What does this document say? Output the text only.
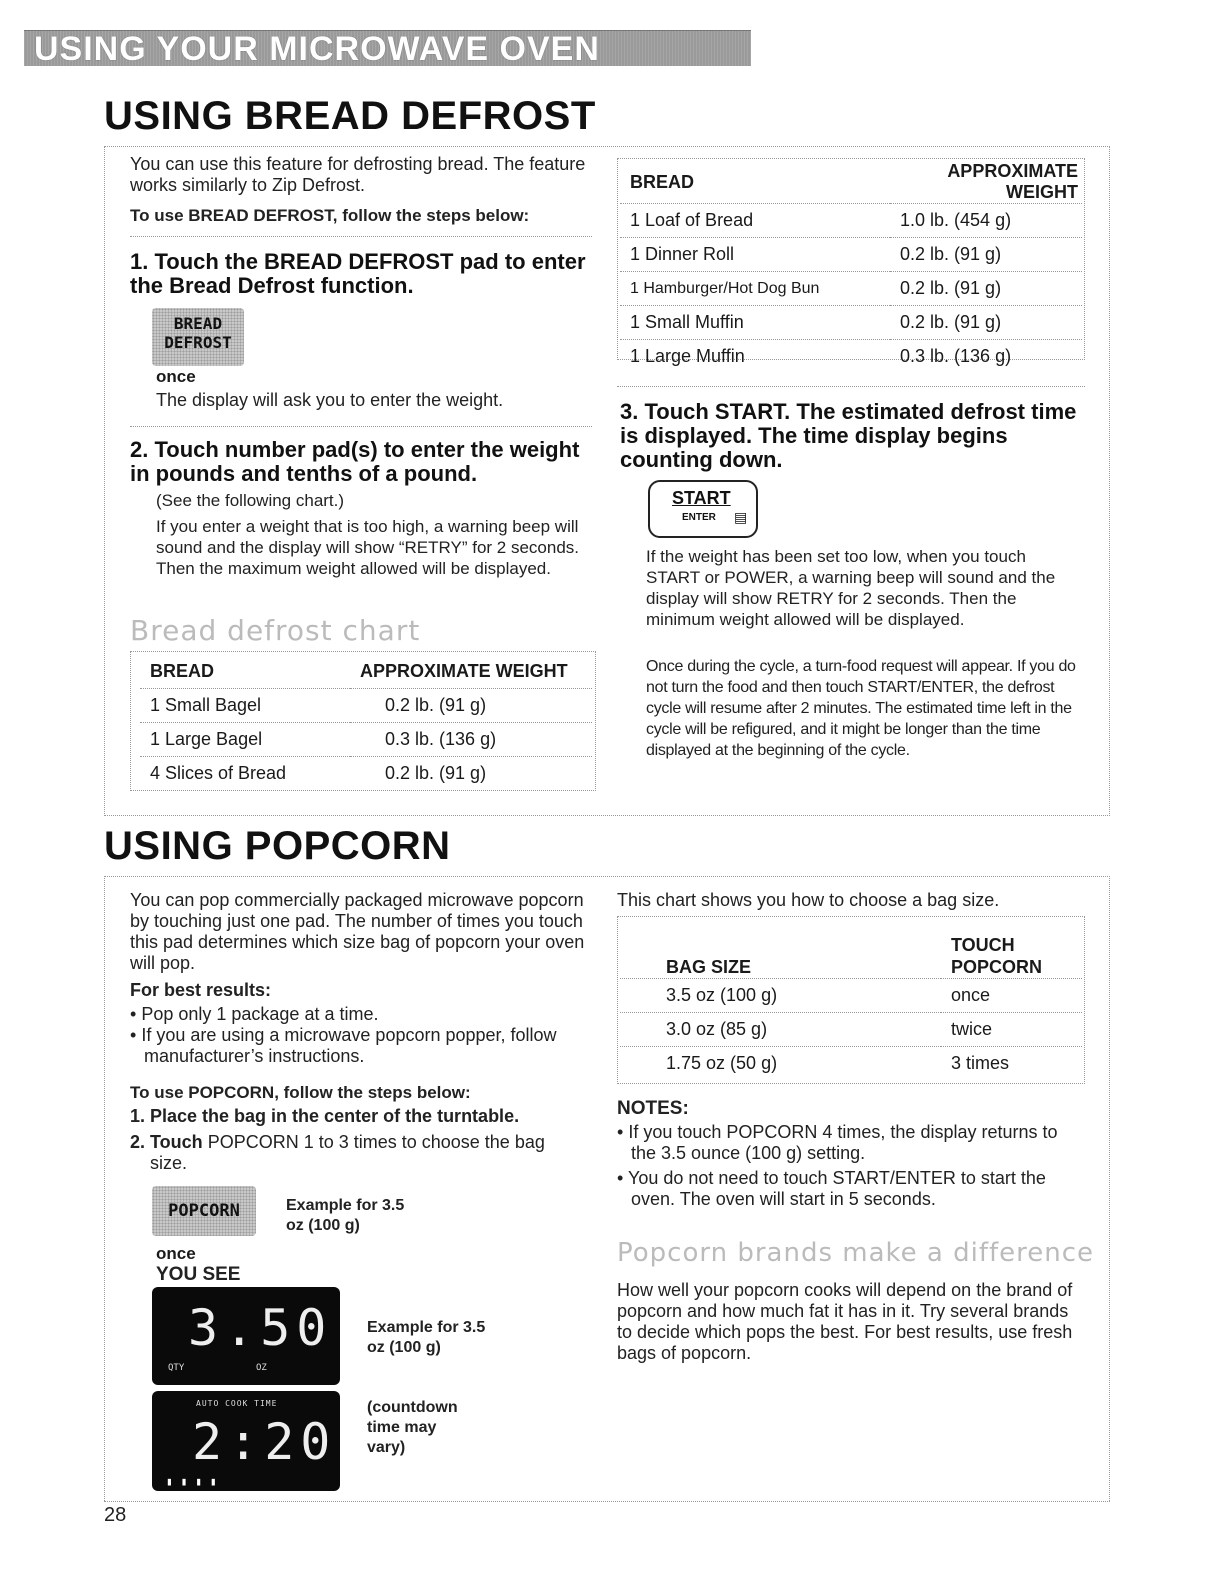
USING YOUR MICROWAVE OVEN
USING BREAD DEFROST
You can use this feature for defrosting bread. The feature works similarly to Zip Defrost.
To use BREAD DEFROST, follow the steps below:
1. Touch the BREAD DEFROST pad to enter the Bread Defrost function.
BREAD
DEFROST
once
The display will ask you to enter the weight.
2. Touch number pad(s) to enter the weight in pounds and tenths of a pound.
(See the following chart.)
If you enter a weight that is too high, a warning beep will sound and the display will show “RETRY” for 2 seconds. Then the maximum weight allowed will be displayed.
Bread defrost chart
BREAD	APPROXIMATE WEIGHT
1 Small Bagel	0.2 lb. (91 g)
1 Large Bagel	0.3 lb. (136 g)
4 Slices of Bread	0.2 lb. (91 g)
BREAD	APPROXIMATE WEIGHT
1 Loaf of Bread	1.0 lb. (454 g)
1 Dinner Roll	0.2 lb. (91 g)
1 Hamburger/Hot Dog Bun	0.2 lb. (91 g)
1 Small Muffin	0.2 lb. (91 g)
1 Large Muffin	0.3 lb. (136 g)
3. Touch START. The estimated defrost time is displayed. The time display begins counting down.
START
ENTER ▤
If the weight has been set too low, when you touch START or POWER, a warning beep will sound and the display will show RETRY for 2 seconds. Then the minimum weight allowed will be displayed.
Once during the cycle, a turn-food request will appear. If you do not turn the food and then touch START/ENTER, the defrost cycle will resume after 2 minutes. The estimated time left in the cycle will be refigured, and it might be longer than the time displayed at the beginning of the cycle.
USING POPCORN
You can pop commercially packaged microwave popcorn by touching just one pad. The number of times you touch this pad determines which size bag of popcorn your oven will pop.
For best results:
• Pop only 1 package at a time.
• If you are using a microwave popcorn popper, follow manufacturer’s instructions.
To use POPCORN, follow the steps below:
1. Place the bag in the center of the turntable.
2. Touch POPCORN 1 to 3 times to choose the bag size.
POPCORN	Example for 3.5 oz (100 g)
once
YOU SEE
3.50
QTY	OZ
Example for 3.5 oz (100 g)
AUTO COOK TIME
2:20
▮▮▮▮
(countdown time may vary)
This chart shows you how to choose a bag size.
BAG SIZE	TOUCH POPCORN
3.5 oz (100 g)	once
3.0 oz (85 g)	twice
1.75 oz (50 g)	3 times
NOTES:
• If you touch POPCORN 4 times, the display returns to the 3.5 ounce (100 g) setting.
• You do not need to touch START/ENTER to start the oven. The oven will start in 5 seconds.
Popcorn brands make a difference
How well your popcorn cooks will depend on the brand of popcorn and how much fat it has in it. Try several brands to decide which pops the best. For best results, use fresh bags of popcorn.
28
